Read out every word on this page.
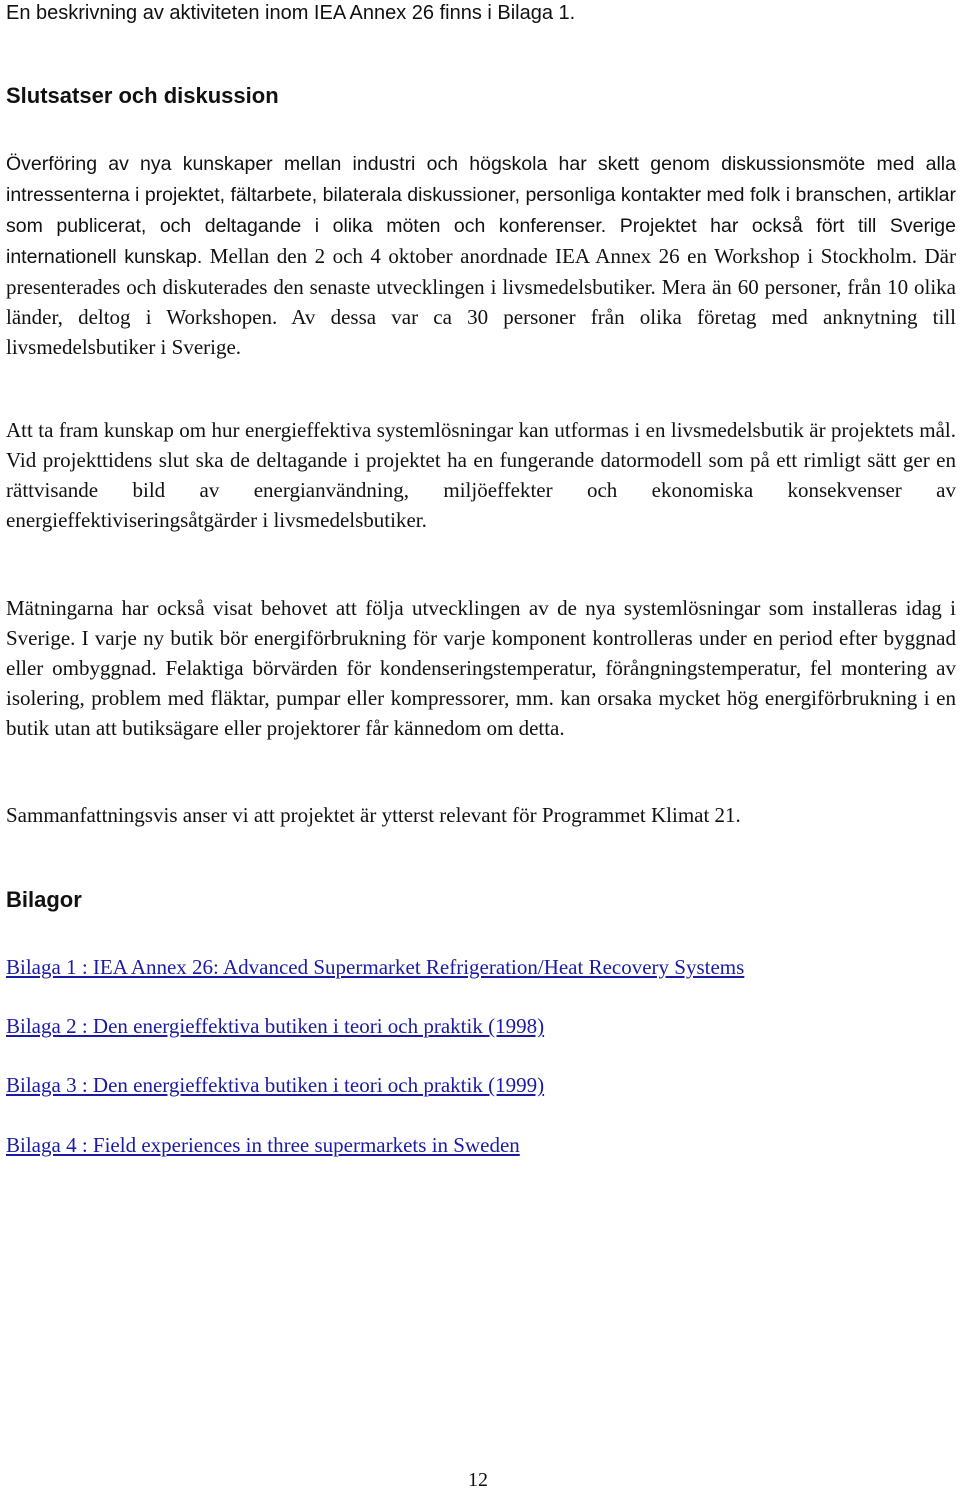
En beskrivning av aktiviteten inom IEA Annex 26 finns i Bilaga 1.
Slutsatser och diskussion

Överföring av nya kunskaper mellan industri och högskola har skett genom diskussionsmöte med alla intressenterna i projektet, fältarbete, bilaterala diskussioner, personliga kontakter med folk i branschen, artiklar som publicerat, och deltagande i olika möten och konferenser. Projektet har också fört till Sverige internationell kunskap. Mellan den 2 och 4 oktober anordnade IEA Annex 26 en Workshop i Stockholm. Där presenterades och diskuterades den senaste utvecklingen i livsmedelsbutiker. Mera än 60 personer, från 10 olika länder, deltog i Workshopen. Av dessa var ca 30 personer från olika företag med anknytning till livsmedelsbutiker i Sverige.

Att ta fram kunskap om hur energieffektiva systemlösningar kan utformas i en livsmedelsbutik är projektets mål. Vid projekttidens slut ska de deltagande i projektet ha en fungerande datormodell som på ett rimligt sätt ger en rättvisande bild av energianvändning, miljöeffekter och ekonomiska konsekvenser av energieffektiviseringsåtgärder i livsmedelsbutiker.

Mätningarna har också visat behovet att följa utvecklingen av de nya systemlösningar som installeras idag i Sverige. I varje ny butik bör energiförbrukning för varje komponent kontrolleras under en period efter byggnad eller ombyggnad. Felaktiga börvärden för kondenseringstemperatur, förångningstemperatur, fel montering av isolering, problem med fläktar, pumpar eller kompressorer, mm. kan orsaka mycket hög energiförbrukning i en butik utan att butiksägare eller projektorer får kännedom om detta.

Sammanfattningsvis anser vi att projektet är ytterst relevant för Programmet Klimat 21.

Bilagor
Bilaga 1 : IEA Annex 26: Advanced Supermarket Refrigeration/Heat Recovery Systems
Bilaga 2 : Den energieffektiva butiken i teori och praktik (1998)
Bilaga 3 : Den energieffektiva butiken i teori och praktik (1999)
Bilaga 4 : Field experiences in three supermarkets in Sweden
12
